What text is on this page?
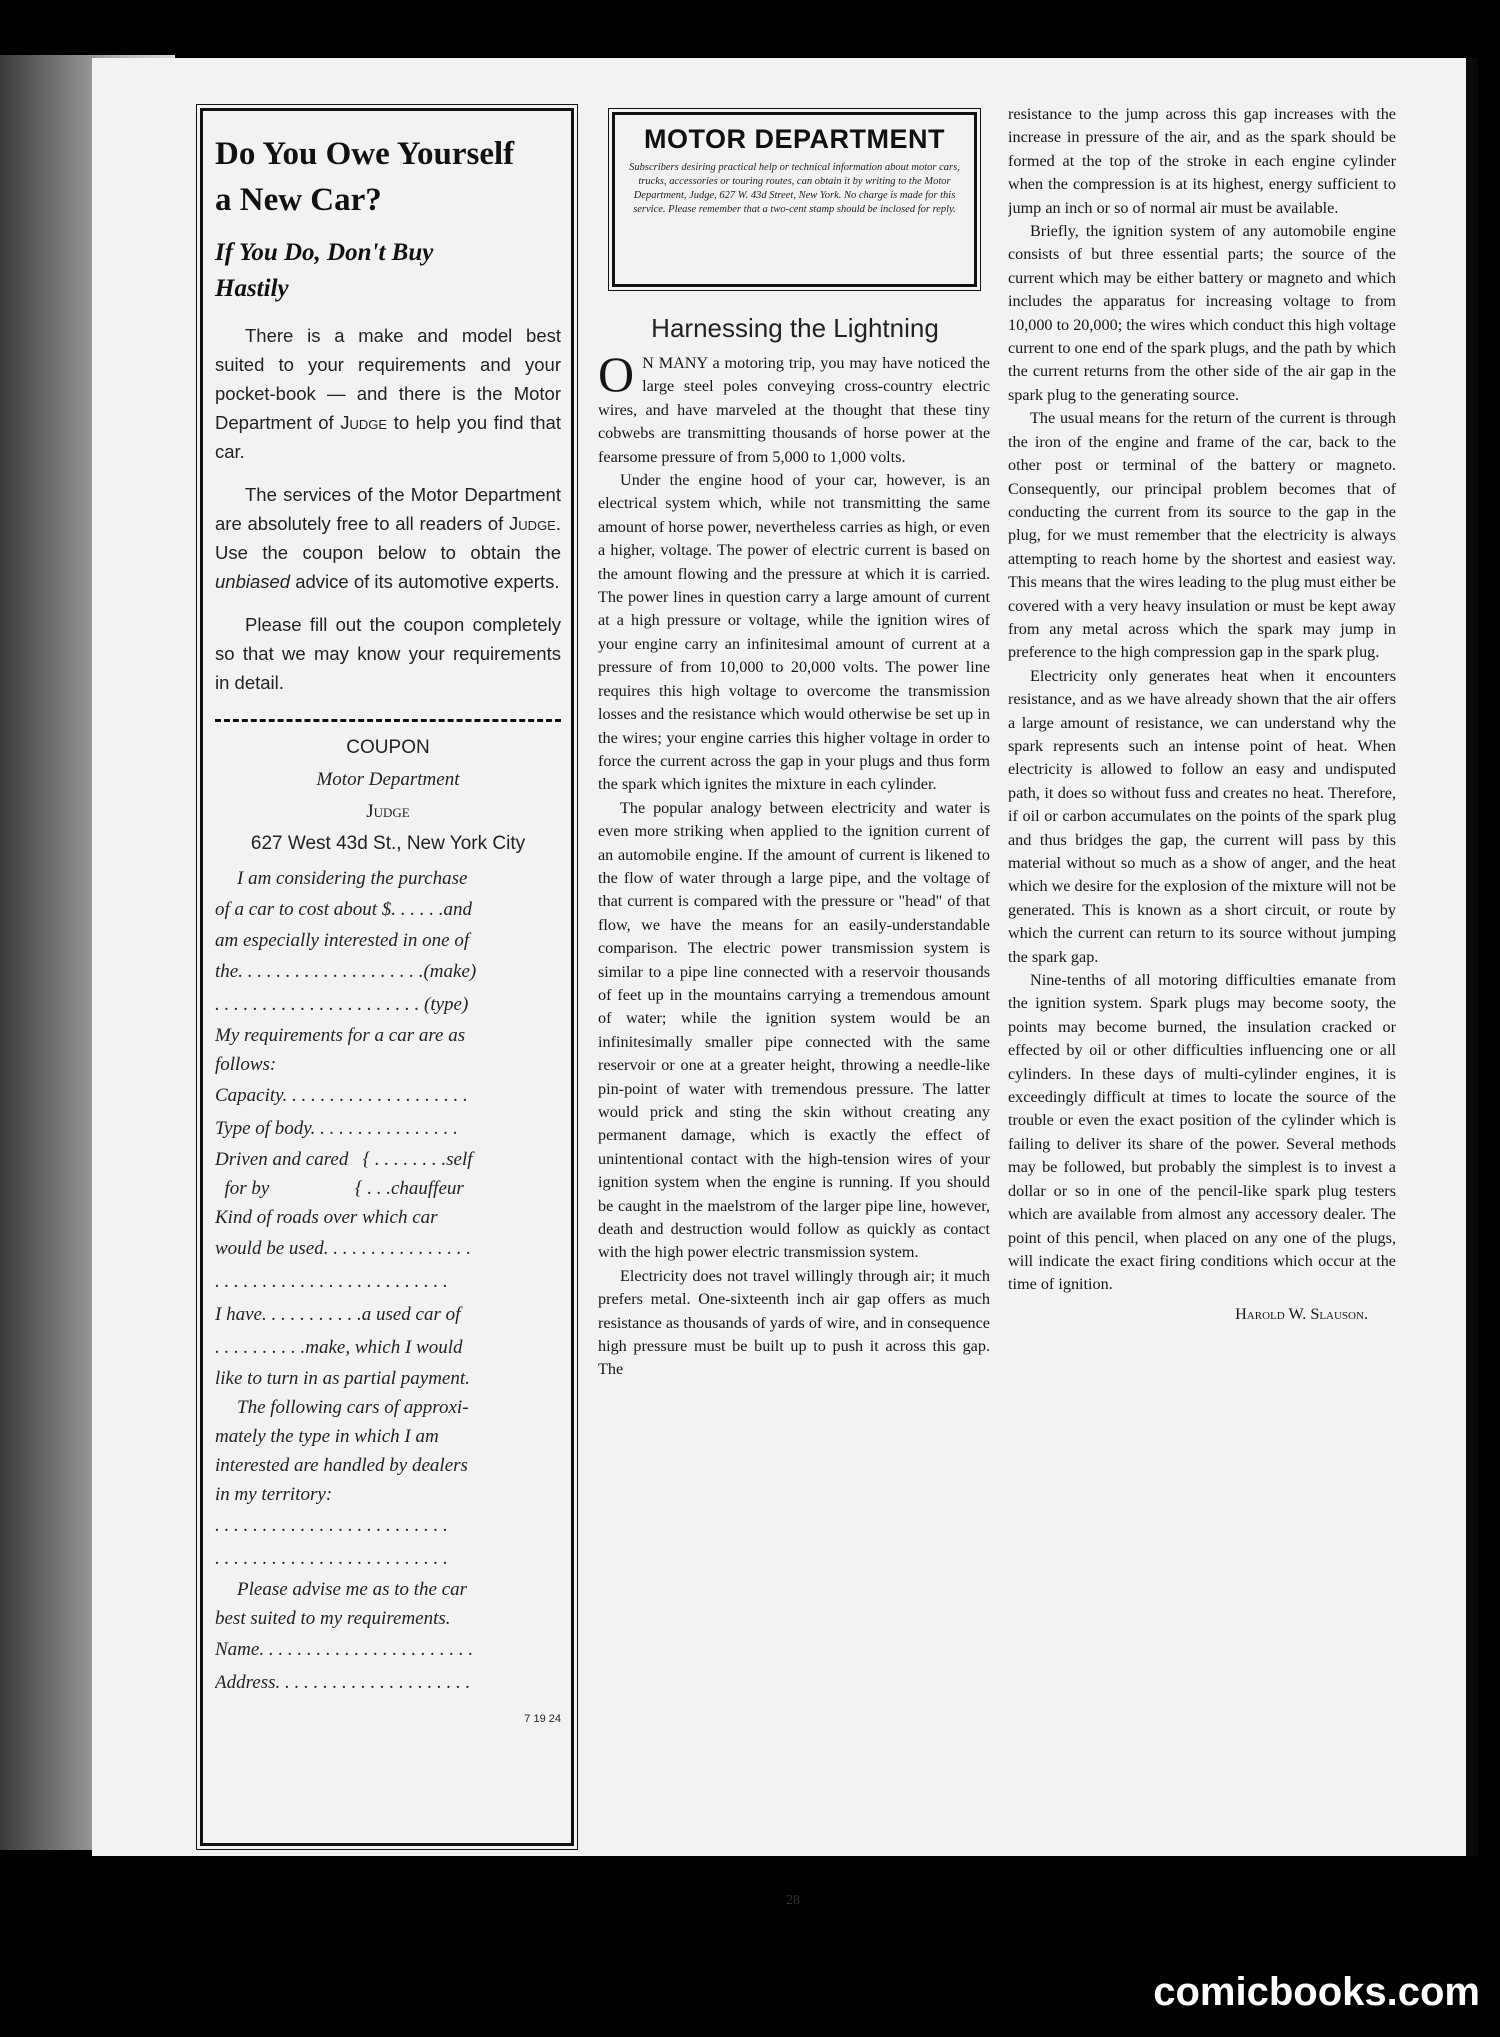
Do You Owe Yourself
a New Car?
If You Do, Don't Buy
Hastily

There is a make and model best suited to your requirements and your pocket-book — and there is the Motor Department of Judge to help you find that car.

The services of the Motor Department are absolutely free to all readers of Judge. Use the coupon below to obtain the unbiased advice of its automotive experts.

Please fill out the coupon completely so that we may know your requirements in detail.

COUPON
Motor Department
Judge
627 West 43d St., New York City
I am considering the purchase
of a car to cost about $. . . . . .and
am especially interested in one of
the. . . . . . . . . . . . . . . . . . . .(make)
. . . . . . . . . . . . . . . . . . . . . . (type)
My requirements for a car are as
follows:
Capacity. . . . . . . . . . . . . . . . . . . .
Type of body. . . . . . . . . . . . . . . .
Driven and cared   { . . . . . . . .self
for by                  { . . .chauffeur
Kind of roads over which car
would be used. . . . . . . . . . . . . . . .
. . . . . . . . . . . . . . . . . . . . . . . . .
I have. . . . . . . . . . .a used car of
. . . . . . . . . .make, which I would
like to turn in as partial payment.
The following cars of approxi-
mately the type in which I am
interested are handled by dealers
in my territory:
. . . . . . . . . . . . . . . . . . . . . . . . .
. . . . . . . . . . . . . . . . . . . . . . . . .
Please advise me as to the car
best suited to my requirements.
Name. . . . . . . . . . . . . . . . . . . . . . .
Address. . . . . . . . . . . . . . . . . . . . .
7 19 24
MOTOR DEPARTMENT
Subscribers desiring practical help or technical information about motor cars, trucks, accessories or touring routes, can obtain it by writing to the Motor Department, Judge, 627 W. 43d Street, New York. No charge is made for this service. Please remember that a two-cent stamp should be inclosed for reply.
Harnessing the Lightning

O N MANY a motoring trip, you may have noticed the large steel poles conveying cross-country electric wires, and have marveled at the thought that these tiny cobwebs are transmitting thousands of horse power at the fearsome pressure of from 5,000 to 1,000 volts.

Under the engine hood of your car, however, is an electrical system which, while not transmitting the same amount of horse power, nevertheless carries as high, or even a higher, voltage. The power of electric current is based on the amount flowing and the pressure at which it is carried. The power lines in question carry a large amount of current at a high pressure or voltage, while the ignition wires of your engine carry an infinitesimal amount of current at a pressure of from 10,000 to 20,000 volts. The power line requires this high voltage to overcome the transmission losses and the resistance which would otherwise be set up in the wires; your engine carries this higher voltage in order to force the current across the gap in your plugs and thus form the spark which ignites the mixture in each cylinder.

The popular analogy between electricity and water is even more striking when applied to the ignition current of an automobile engine. If the amount of current is likened to the flow of water through a large pipe, and the voltage of that current is compared with the pressure or "head" of that flow, we have the means for an easily-understandable comparison. The electric power transmission system is similar to a pipe line connected with a reservoir thousands of feet up in the mountains carrying a tremendous amount of water; while the ignition system would be an infinitesimally smaller pipe connected with the same reservoir or one at a greater height, throwing a needle-like pin-point of water with tremendous pressure. The latter would prick and sting the skin without creating any permanent damage, which is exactly the effect of unintentional contact with the high-tension wires of your ignition system when the engine is running. If you should be caught in the maelstrom of the larger pipe line, however, death and destruction would follow as quickly as contact with the high power electric transmission system.

Electricity does not travel willingly through air; it much prefers metal. One-sixteenth inch air gap offers as much resistance as thousands of yards of wire, and in consequence high pressure must be built up to push it across this gap. The

resistance to the jump across this gap increases with the increase in pressure of the air, and as the spark should be formed at the top of the stroke in each engine cylinder when the compression is at its highest, energy sufficient to jump an inch or so of normal air must be available.

Briefly, the ignition system of any automobile engine consists of but three essential parts; the source of the current which may be either battery or magneto and which includes the apparatus for increasing voltage to from 10,000 to 20,000; the wires which conduct this high voltage current to one end of the spark plugs, and the path by which the current returns from the other side of the air gap in the spark plug to the generating source.

The usual means for the return of the current is through the iron of the engine and frame of the car, back to the other post or terminal of the battery or magneto. Consequently, our principal problem becomes that of conducting the current from its source to the gap in the plug, for we must remember that the electricity is always attempting to reach home by the shortest and easiest way. This means that the wires leading to the plug must either be covered with a very heavy insulation or must be kept away from any metal across which the spark may jump in preference to the high compression gap in the spark plug.

Electricity only generates heat when it encounters resistance, and as we have already shown that the air offers a large amount of resistance, we can understand why the spark represents such an intense point of heat. When electricity is allowed to follow an easy and undisputed path, it does so without fuss and creates no heat. Therefore, if oil or carbon accumulates on the points of the spark plug and thus bridges the gap, the current will pass by this material without so much as a show of anger, and the heat which we desire for the explosion of the mixture will not be generated. This is known as a short circuit, or route by which the current can return to its source without jumping the spark gap.

Nine-tenths of all motoring difficulties emanate from the ignition system. Spark plugs may become sooty, the points may become burned, the insulation cracked or effected by oil or other difficulties influencing one or all cylinders. In these days of multi-cylinder engines, it is exceedingly difficult at times to locate the source of the trouble or even the exact position of the cylinder which is failing to deliver its share of the power. Several methods may be followed, but probably the simplest is to invest a dollar or so in one of the pencil-like spark plug testers which are available from almost any accessory dealer. The point of this pencil, when placed on any one of the plugs, will indicate the exact firing conditions which occur at the time of ignition.

Harold W. Slauson.
28
comicbooks.com
